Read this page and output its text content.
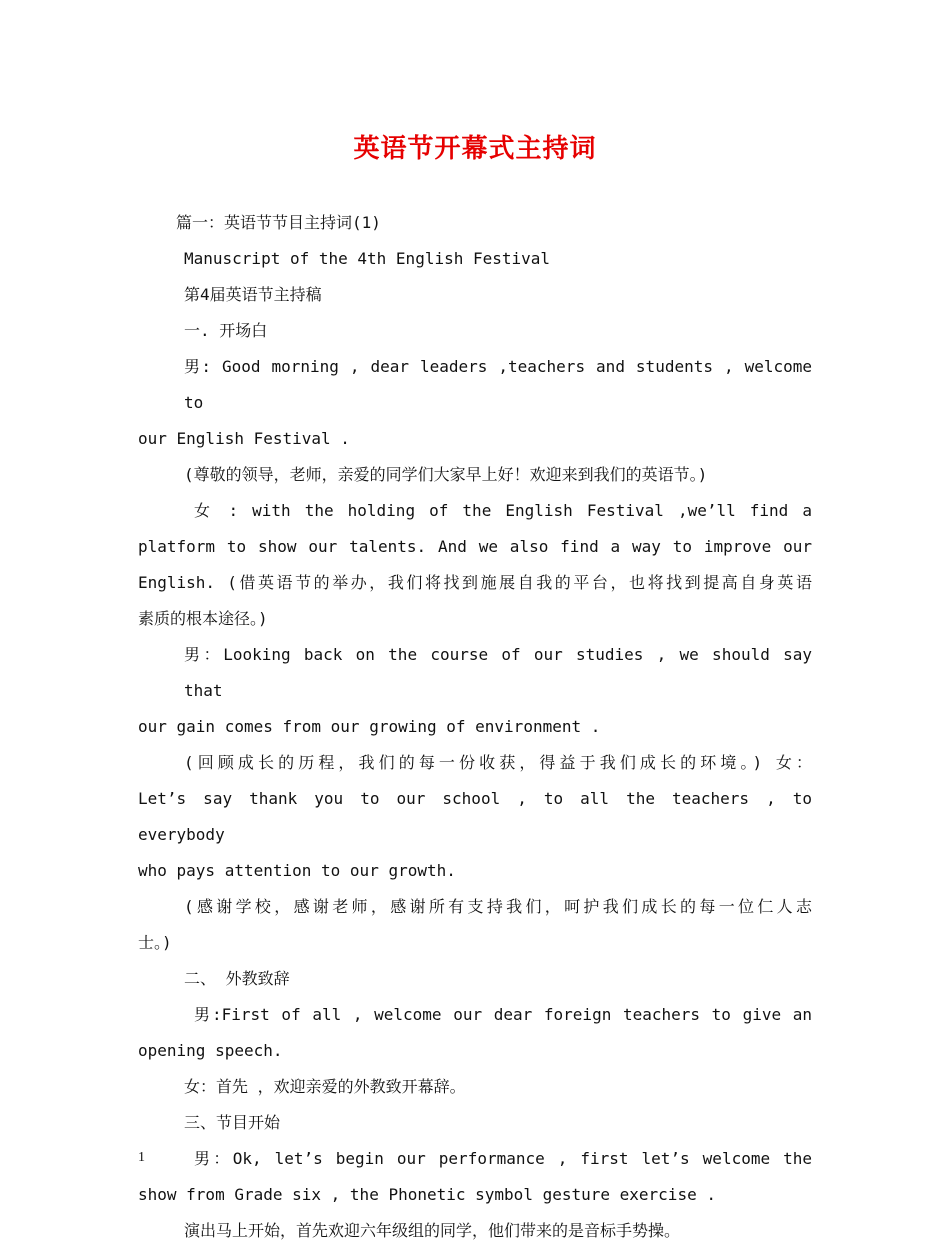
英语节开幕式主持词
篇一：英语节节目主持词(1)
Manuscript of the 4th English Festival
第4届英语节主持稿
一. 开场白
男: Good morning , dear leaders ,teachers and students , welcome to
our English Festival .
(尊敬的领导，老师，亲爱的同学们大家早上好！欢迎来到我们的英语节。)
女 : with the holding of the English Festival ,we’ll find a
platform to show our talents. And we also find a way to improve our
English. (借英语节的举办，我们将找到施展自我的平台，也将找到提高自身英语
素质的根本途径。)
男：Looking back on the course of our studies , we should say that
our gain comes from our growing of environment .
(回顾成长的历程，我们的每一份收获，得益于我们成长的环境。) 女：
Let’s say thank you to our school , to all the teachers , to everybody
who pays attention to our growth.
(感谢学校，感谢老师，感谢所有支持我们，呵护我们成长的每一位仁人志
士。)
二、 外教致辞
男:First of all , welcome our dear foreign teachers to give an
opening speech.
女：首先 ，欢迎亲爱的外教致开幕辞。
三、节目开始
男：Ok, let’s begin our performance , first let’s welcome the
show from Grade six , the Phonetic symbol gesture exercise .
演出马上开始，首先欢迎六年级组的同学，他们带来的是音标手势操。
1
